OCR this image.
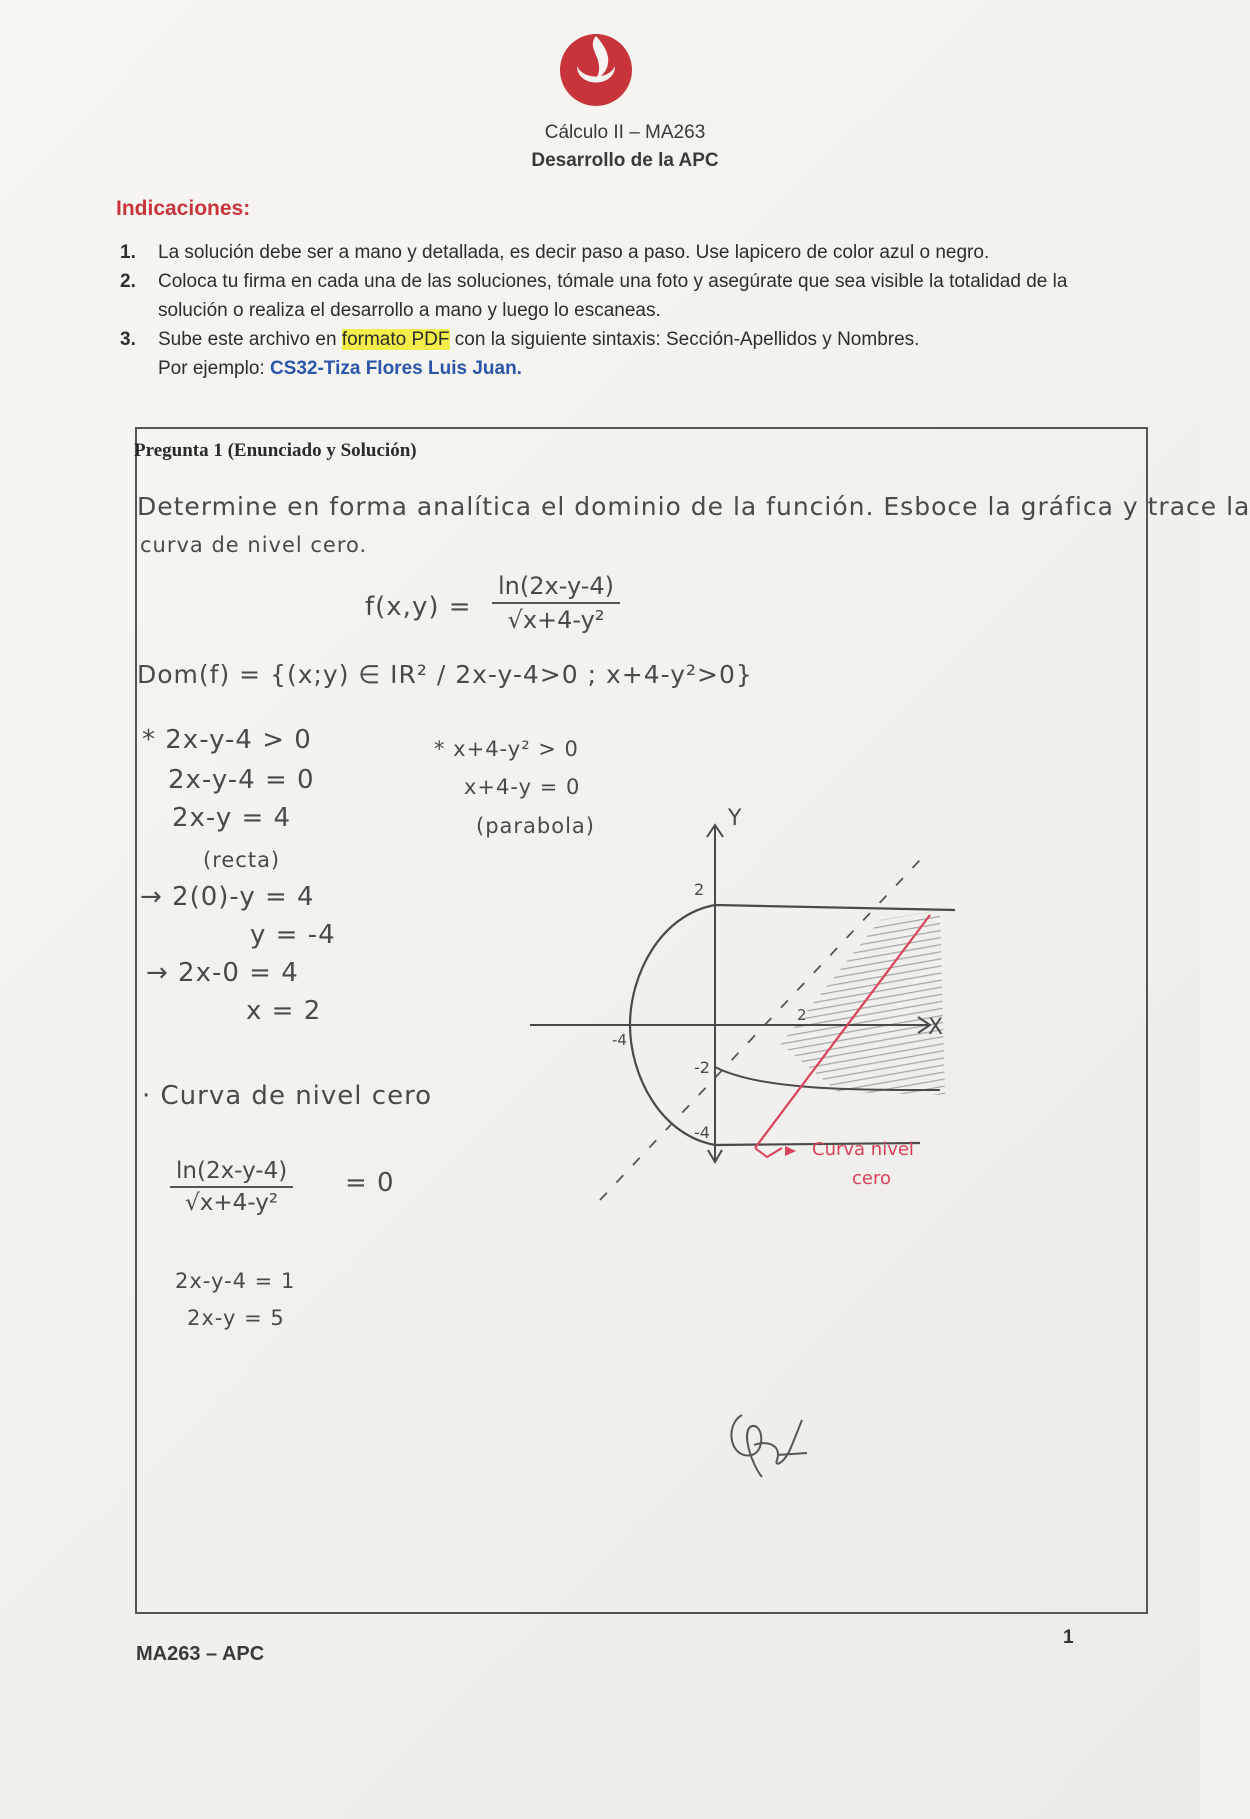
Cálculo II – MA263
Desarrollo de la APC
Indicaciones:
1. La solución debe ser a mano y detallada, es decir paso a paso. Use lapicero de color azul o negro.
2. Coloca tu firma en cada una de las soluciones, tómale una foto y asegúrate que sea visible la totalidad de la solución o realiza el desarrollo a mano y luego lo escaneas.
3. Sube este archivo en formato PDF con la siguiente sintaxis: Sección-Apellidos y Nombres.
Por ejemplo: CS32-Tiza Flores Luis Juan.
Pregunta 1 (Enunciado y Solución)
Determine en forma analítica el dominio de la función. Esboce la gráfica y trace la
curva de nivel cero.
$f(x,y) = \frac{\ln(2x-y-4)}{\text{√x+4-y²}}$
Dom(f) = {(x;y) ∈ IR² / 2x-y-4>0 ; x+4-y²>0}
* 2x-y-4 > 0
2x-y-4 = 0
2x-y = 4
(recta)
→ 2(0)-y = 4
y = -4
→ 2x-0 = 4
x = 2
* x+4-y² > 0
x+4-y = 0
(parabola)
· Curva de nivel cero
$\frac{\ln(2x-y-4)}{\text{√x+4-y²}} = 0$
2x-y-4 = 1
2x-y = 5
Y
X
2
-2
-4
-4
2
Curva nivel
cero
MA263 – APC
1
